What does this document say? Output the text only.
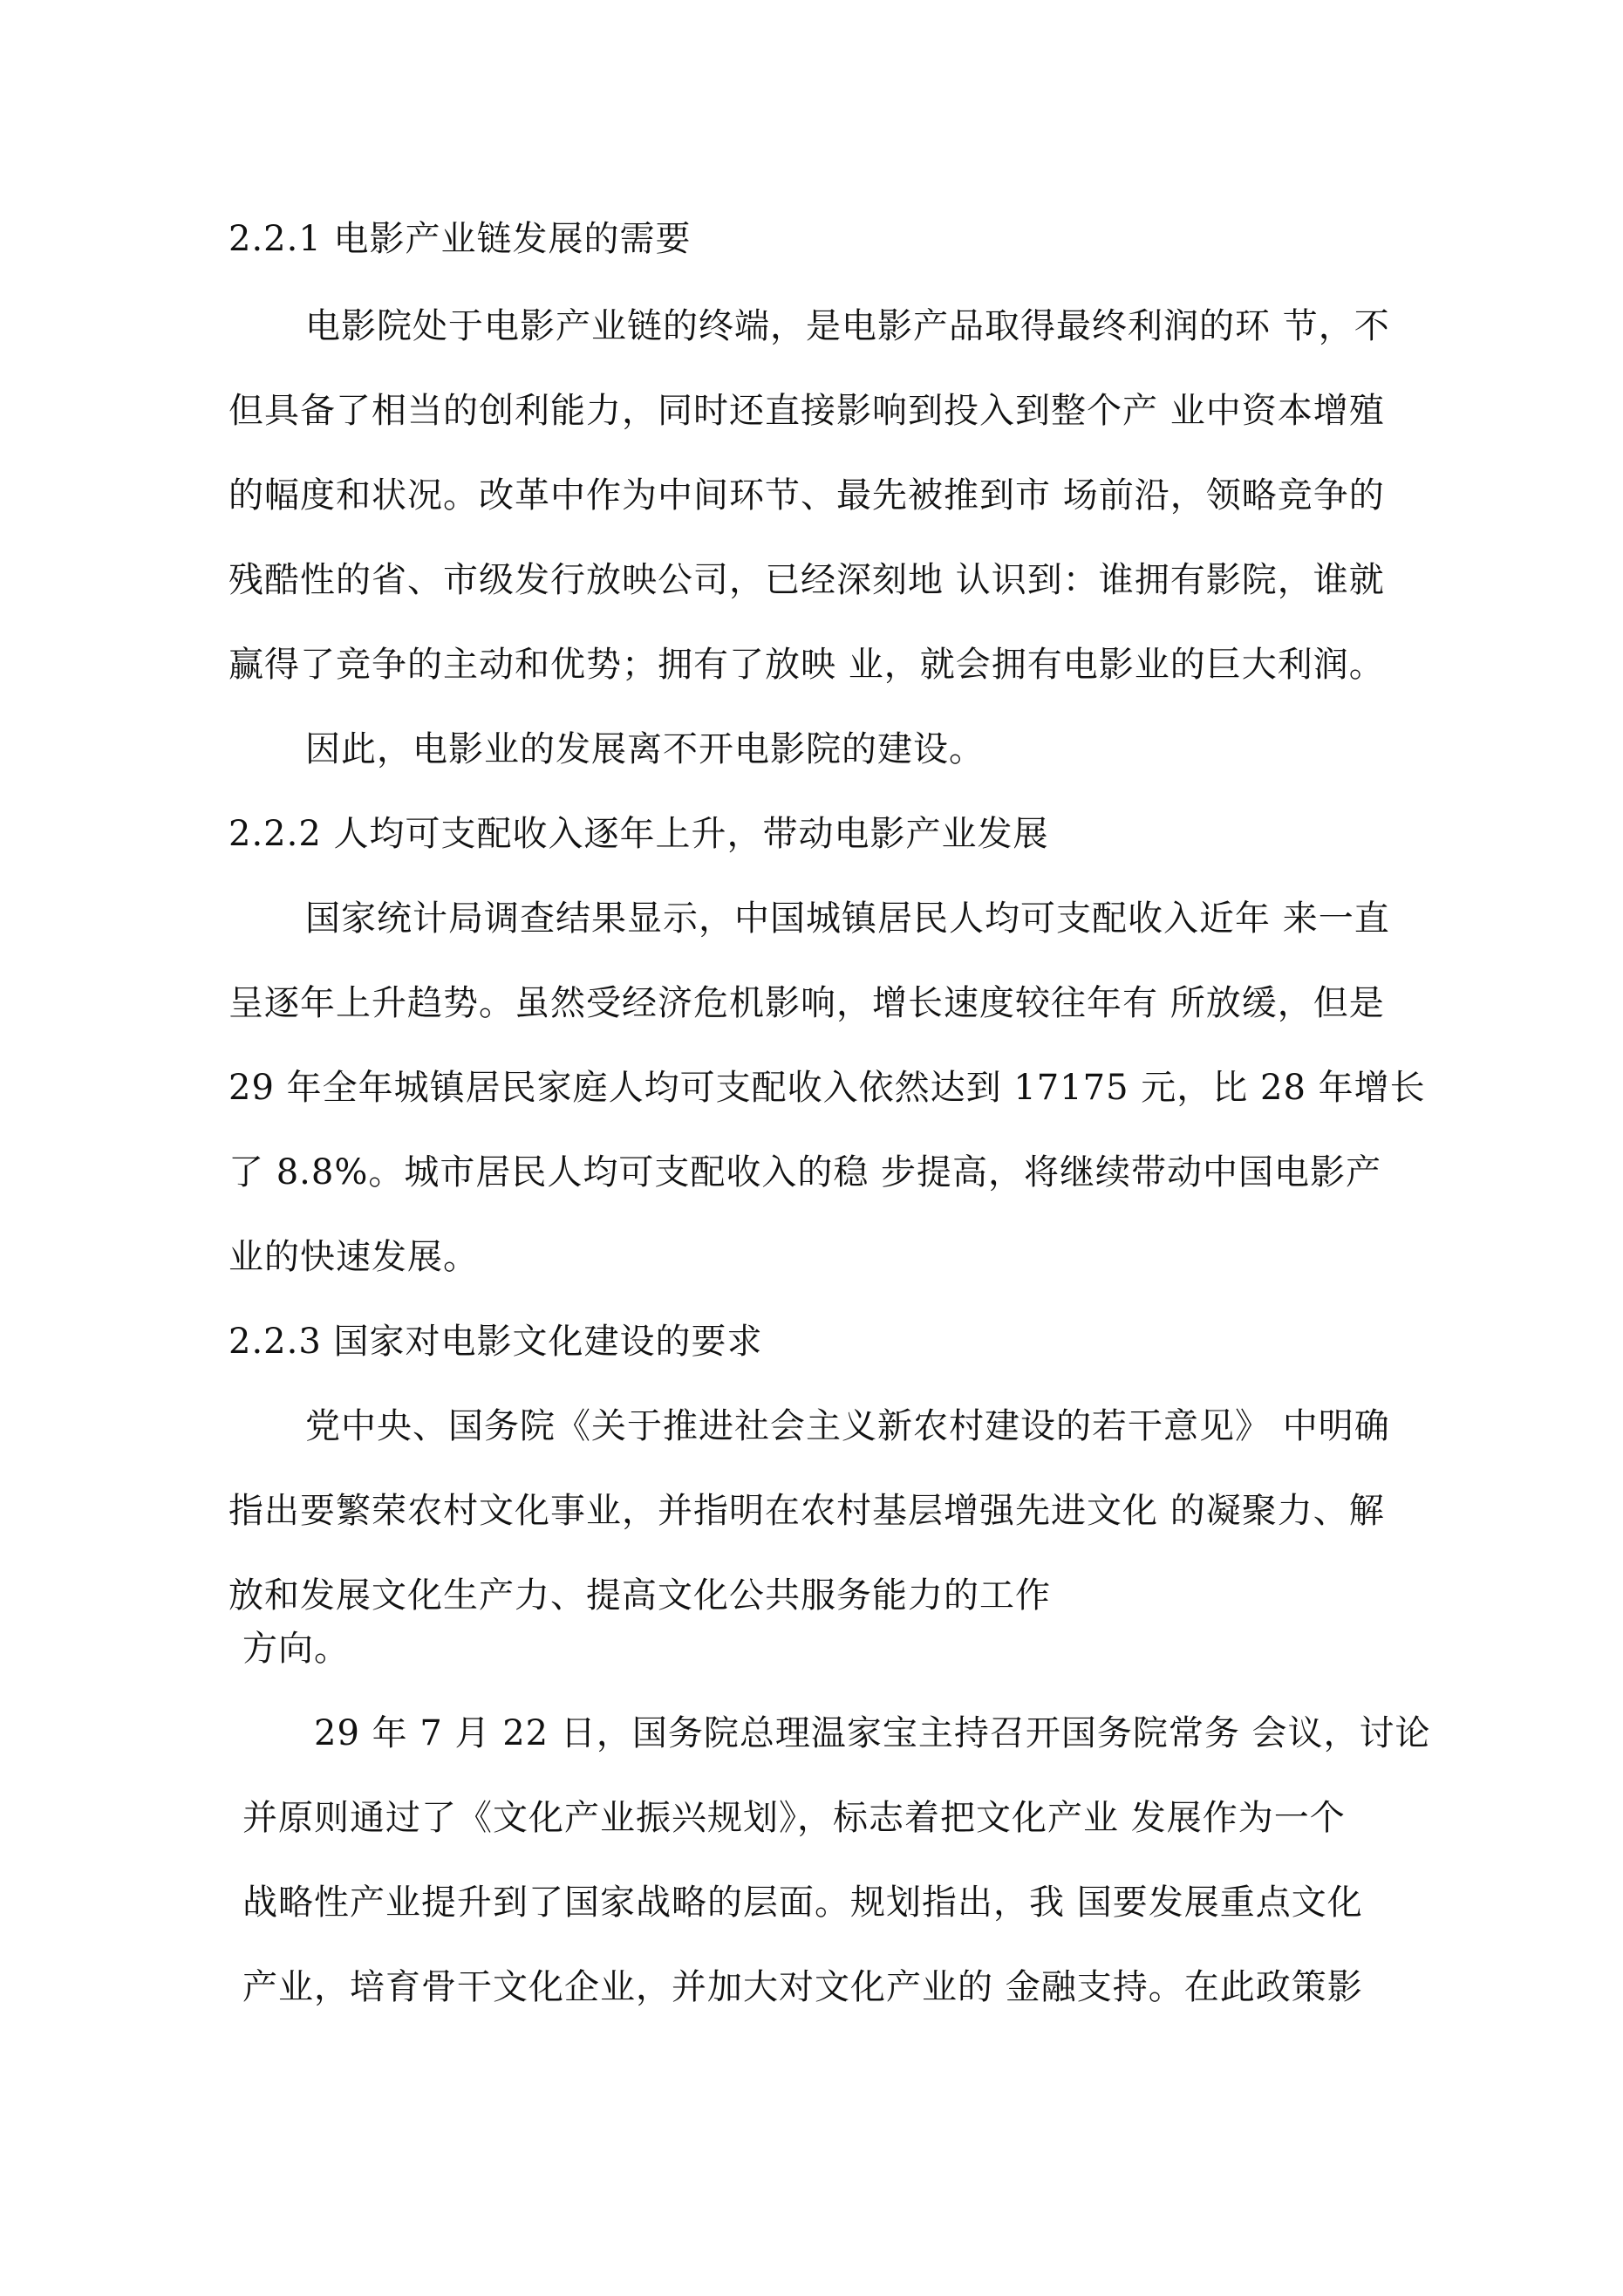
2.2.1 电影产业链发展的需要
电影院处于电影产业链的终端，是电影产品取得最终利润的环 节，不
但具备了相当的创利能力，同时还直接影响到投入到整个产 业中资本增殖
的幅度和状况。改革中作为中间环节、最先被推到市 场前沿，领略竞争的
残酷性的省、市级发行放映公司，已经深刻地 认识到：谁拥有影院，谁就
赢得了竞争的主动和优势；拥有了放映 业，就会拥有电影业的巨大利润。
因此，电影业的发展离不开电影院的建设。
2.2.2 人均可支配收入逐年上升，带动电影产业发展
国家统计局调查结果显示，中国城镇居民人均可支配收入近年 来一直
呈逐年上升趋势。虽然受经济危机影响，增长速度较往年有 所放缓，但是
29 年全年城镇居民家庭人均可支配收入依然达到 17175 元，比 28 年增长
了 8.8%。城市居民人均可支配收入的稳 步提高，将继续带动中国电影产
业的快速发展。
2.2.3 国家对电影文化建设的要求
党中央、国务院《关于推进社会主义新农村建设的若干意见》 中明确
指出要繁荣农村文化事业，并指明在农村基层增强先进文化 的凝聚力、解
放和发展文化生产力、提高文化公共服务能力的工作
方向。
29 年 7 月 22 日，国务院总理温家宝主持召开国务院常务 会议，讨论
并原则通过了《文化产业振兴规划》，标志着把文化产业 发展作为一个
战略性产业提升到了国家战略的层面。规划指出，我 国要发展重点文化
产业，培育骨干文化企业，并加大对文化产业的 金融支持。在此政策影
